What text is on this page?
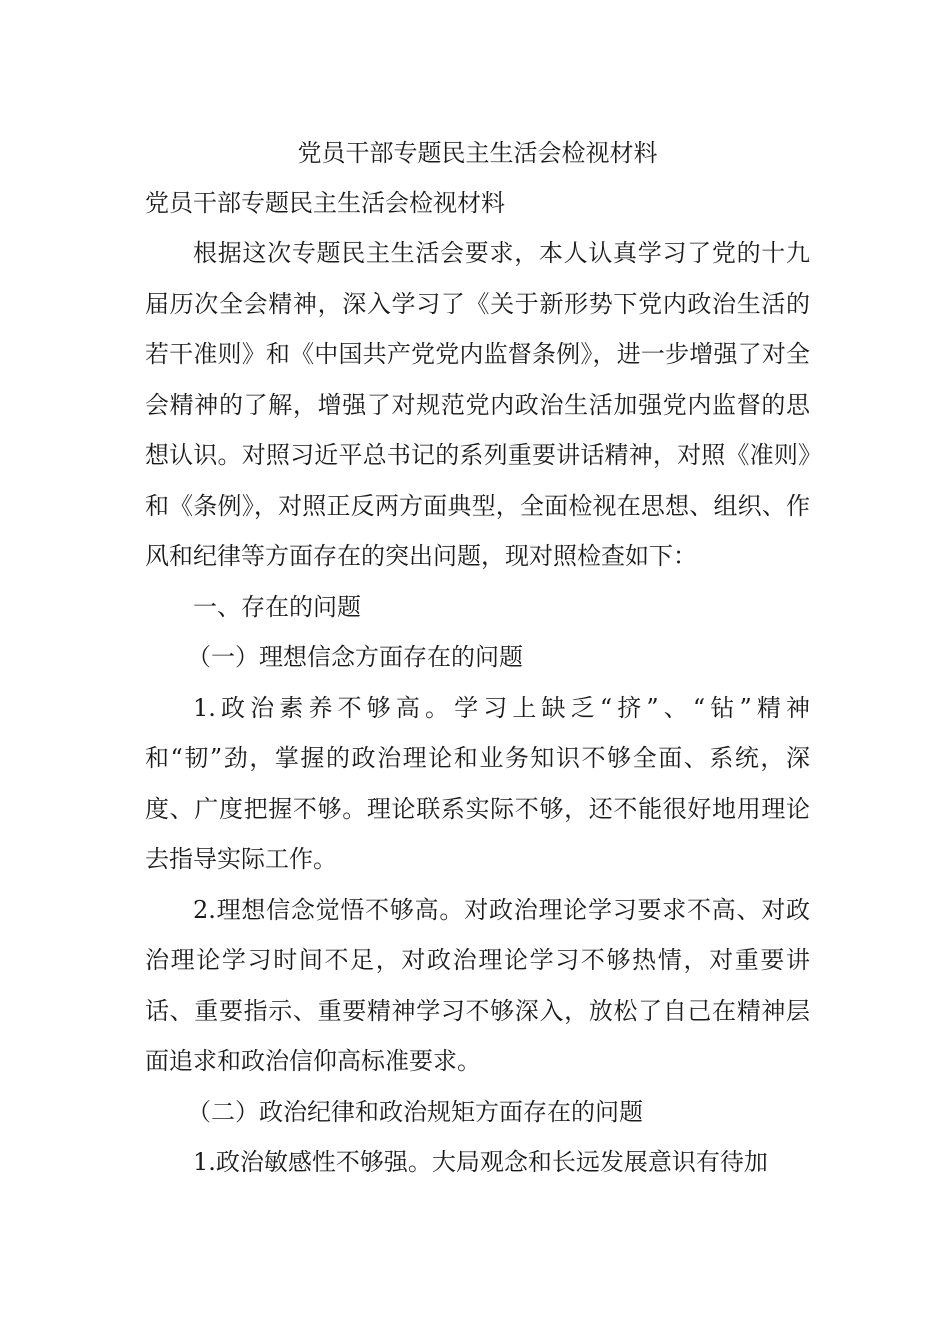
党员干部专题民主生活会检视材料

党员干部专题民主生活会检视材料

根据这次专题民主生活会要求，本人认真学习了党的十九届历次全会精神，深入学习了《关于新形势下党内政治生活的若干准则》和《中国共产党党内监督条例》，进一步增强了对全会精神的了解，增强了对规范党内政治生活加强党内监督的思想认识。对照习近平总书记的系列重要讲话精神，对照《准则》和《条例》，对照正反两方面典型，全面检视在思想、组织、作风和纪律等方面存在的突出问题，现对照检查如下：

一、存在的问题

（一）理想信念方面存在的问题

1.政治素养不够高。学习上缺乏“挤”、“钻”精神和“韧”劲，掌握的政治理论和业务知识不够全面、系统，深度、广度把握不够。理论联系实际不够，还不能很好地用理论去指导实际工作。

2.理想信念觉悟不够高。对政治理论学习要求不高、对政治理论学习时间不足，对政治理论学习不够热情，对重要讲话、重要指示、重要精神学习不够深入，放松了自己在精神层面追求和政治信仰高标准要求。

（二）政治纪律和政治规矩方面存在的问题

1.政治敏感性不够强。大局观念和长远发展意识有待加
